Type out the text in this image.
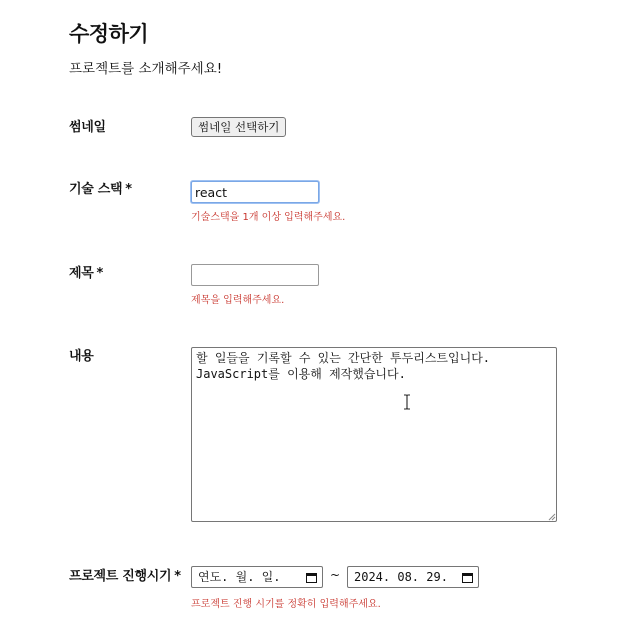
수정하기

프로젝트를 소개해주세요!

썸네일	썸네일 선택하기
기술 스택 *
react

기술스택을 1개 이상 입력해주세요.

제목 *

제목을 입력해주세요.

내용
할 일들을 기록할 수 있는 간단한 투두리스트입니다. JavaScript를 이용해 제작했습니다.
프로젝트 진행시기 * 연도. 월. 일.	~ 2024. 08. 29.

프로젝트 진행 시기를 정확히 입력해주세요.
